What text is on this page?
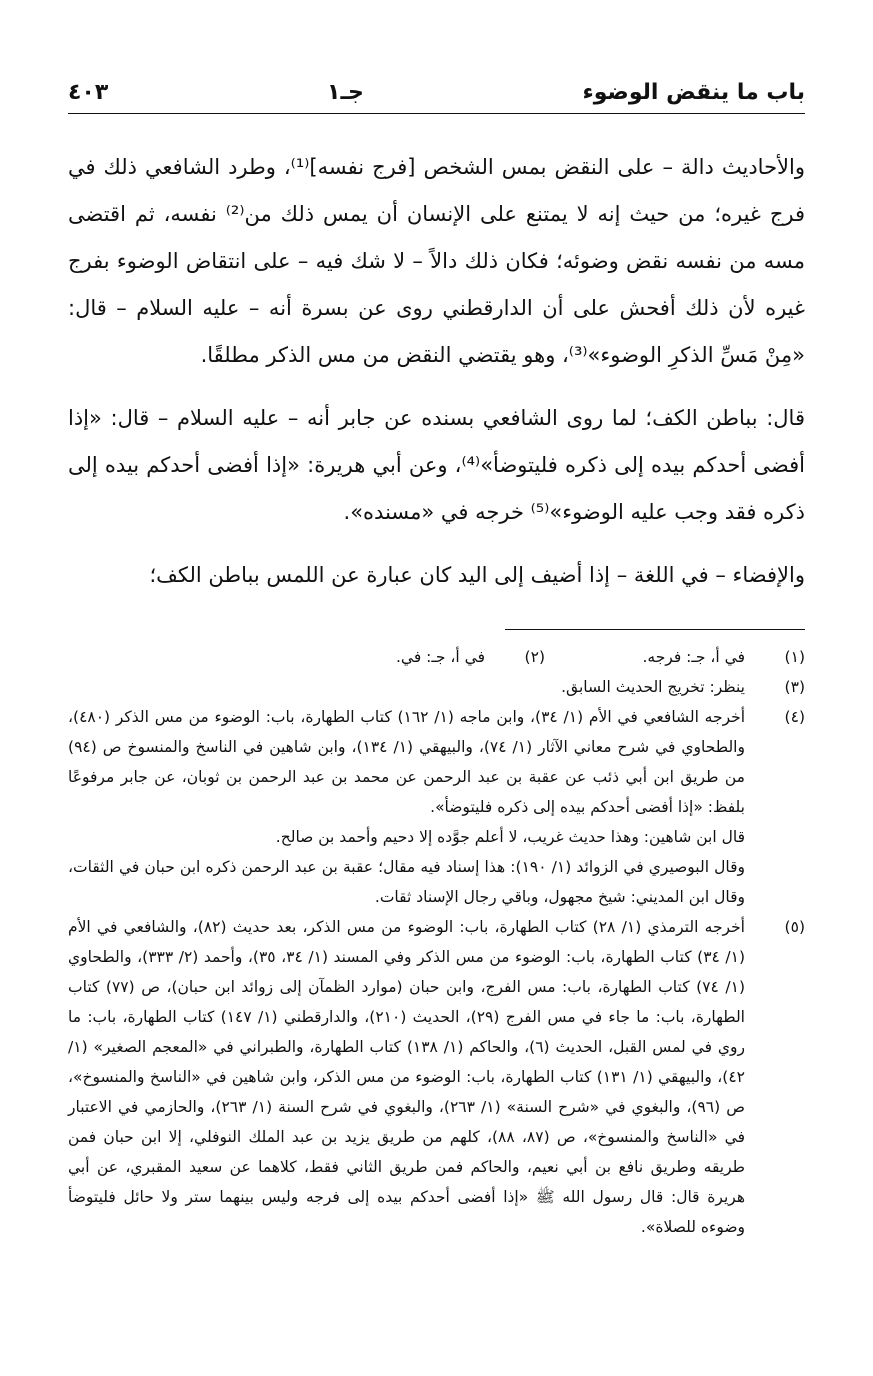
باب ما ينقض الوضوء
جـ١
٤٠٣

والأحاديث دالة – على النقض بمس الشخص [فرج نفسه]⁽¹⁾، وطرد الشافعي ذلك في فرج غيره؛ من حيث إنه لا يمتنع على الإنسان أن يمس ذلك من⁽²⁾ نفسه، ثم اقتضى مسه من نفسه نقض وضوئه؛ فكان ذلك دالاً – لا شك فيه – على انتقاض الوضوء بفرج غيره لأن ذلك أفحش على أن الدارقطني روى عن بسرة أنه – عليه السلام – قال: «مِنْ مَسِّ الذكرِ الوضوء»⁽³⁾، وهو يقتضي النقض من مس الذكر مطلقًا.

قال: بباطن الكف؛ لما روى الشافعي بسنده عن جابر أنه – عليه السلام – قال: «إذا أفضى أحدكم بيده إلى ذكره فليتوضأ»⁽⁴⁾، وعن أبي هريرة: «إذا أفضى أحدكم بيده إلى ذكره فقد وجب عليه الوضوء»⁽⁵⁾ خرجه في «مسنده».

والإفضاء – في اللغة – إذا أضيف إلى اليد كان عبارة عن اللمس بباطن الكف؛

(١)
في أ، جـ: فرجه.
(٢)
في أ، جـ: في.
(٣)
ينظر: تخريج الحديث السابق.
(٤)
أخرجه الشافعي في الأم (١/ ٣٤)، وابن ماجه (١/ ١٦٢) كتاب الطهارة، باب: الوضوء من مس الذكر (٤٨٠)، والطحاوي في شرح معاني الآثار (١/ ٧٤)، والبيهقي (١/ ١٣٤)، وابن شاهين في الناسخ والمنسوخ ص (٩٤) من طريق ابن أبي ذئب عن عقبة بن عبد الرحمن عن محمد بن عبد الرحمن بن ثوبان، عن جابر مرفوعًا بلفظ: «إذا أفضى أحدكم بيده إلى ذكره فليتوضأ».
قال ابن شاهين: وهذا حديث غريب، لا أعلم جوَّده إلا دحيم وأحمد بن صالح.
وقال البوصيري في الزوائد (١/ ١٩٠): هذا إسناد فيه مقال؛ عقبة بن عبد الرحمن ذكره ابن حبان في الثقات، وقال ابن المديني: شيخ مجهول، وباقي رجال الإسناد ثقات.
(٥)
أخرجه الترمذي (١/ ٢٨) كتاب الطهارة، باب: الوضوء من مس الذكر، بعد حديث (٨٢)، والشافعي في الأم (١/ ٣٤) كتاب الطهارة، باب: الوضوء من مس الذكر وفي المسند (١/ ٣٤، ٣٥)، وأحمد (٢/ ٣٣٣)، والطحاوي (١/ ٧٤) كتاب الطهارة، باب: مس الفرج، وابن حبان (موارد الظمآن إلى زوائد ابن حبان)، ص (٧٧) كتاب الطهارة، باب: ما جاء في مس الفرج (٢٩)، الحديث (٢١٠)، والدارقطني (١/ ١٤٧) كتاب الطهارة، باب: ما روي في لمس القبل، الحديث (٦)، والحاكم (١/ ١٣٨) كتاب الطهارة، والطبراني في «المعجم الصغير» (١/ ٤٢)، والبيهقي (١/ ١٣١) كتاب الطهارة، باب: الوضوء من مس الذكر، وابن شاهين في «الناسخ والمنسوخ»، ص (٩٦)، والبغوي في «شرح السنة» (١/ ٢٦٣)، والبغوي في شرح السنة (١/ ٢٦٣)، والحازمي في الاعتبار في «الناسخ والمنسوخ»، ص (٨٧، ٨٨)، كلهم من طريق يزيد بن عبد الملك النوفلي، إلا ابن حبان فمن طريقه وطريق نافع بن أبي نعيم، والحاكم فمن طريق الثاني فقط، كلاهما عن سعيد المقبري، عن أبي هريرة قال: قال رسول الله ﷺ «إذا أفضى أحدكم بيده إلى فرجه وليس بينهما ستر ولا حائل فليتوضأ وضوءه للصلاة».
